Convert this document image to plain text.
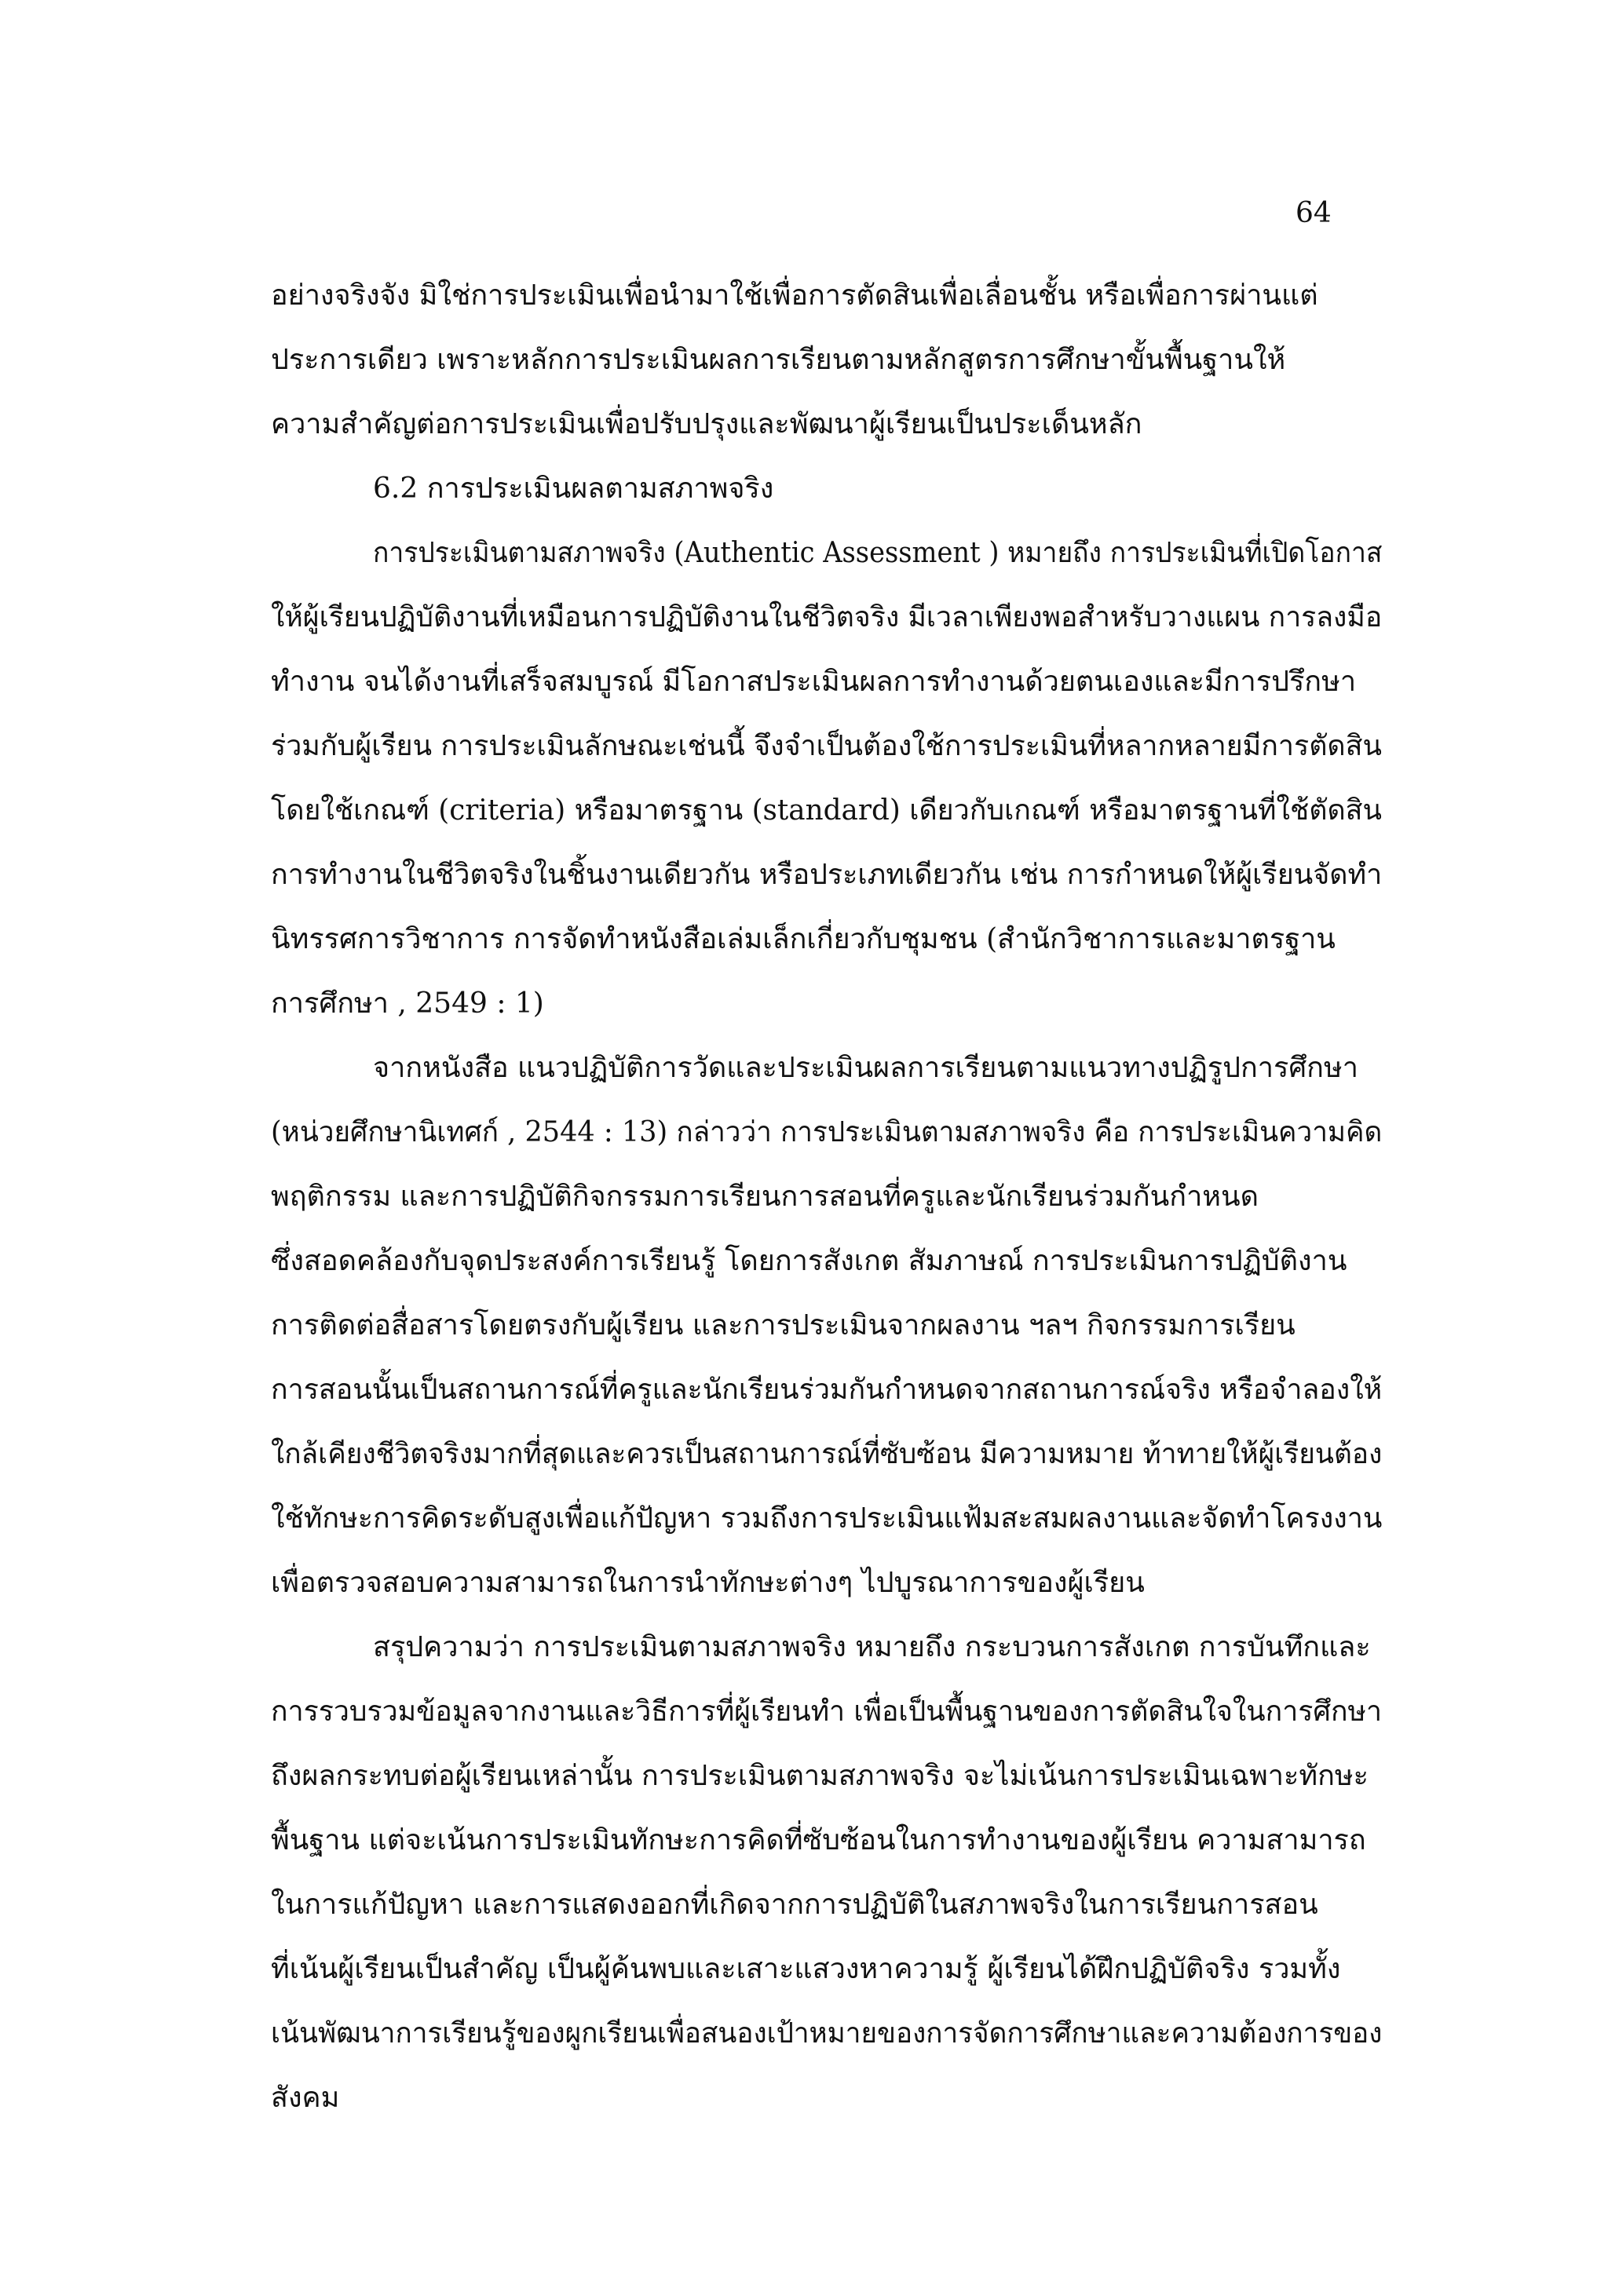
64
อย่างจริงจัง มิใช่การประเมินเพื่อนำมาใช้เพื่อการตัดสินเพื่อเลื่อนชั้น หรือเพื่อการผ่านแต่
ประการเดียว เพราะหลักการประเมินผลการเรียนตามหลักสูตรการศึกษาขั้นพื้นฐานให้
ความสำคัญต่อการประเมินเพื่อปรับปรุงและพัฒนาผู้เรียนเป็นประเด็นหลัก
6.2 การประเมินผลตามสภาพจริง
การประเมินตามสภาพจริง (Authentic Assessment ) หมายถึง การประเมินที่เปิดโอกาส
ให้ผู้เรียนปฏิบัติงานที่เหมือนการปฏิบัติงานในชีวิตจริง มีเวลาเพียงพอสำหรับวางแผน การลงมือ
ทำงาน จนได้งานที่เสร็จสมบูรณ์ มีโอกาสประเมินผลการทำงานด้วยตนเองและมีการปรึกษา
ร่วมกับผู้เรียน การประเมินลักษณะเช่นนี้ จึงจำเป็นต้องใช้การประเมินที่หลากหลายมีการตัดสิน
โดยใช้เกณฑ์ (criteria) หรือมาตรฐาน (standard) เดียวกับเกณฑ์ หรือมาตรฐานที่ใช้ตัดสิน
การทำงานในชีวิตจริงในชิ้นงานเดียวกัน หรือประเภทเดียวกัน เช่น การกำหนดให้ผู้เรียนจัดทำ
นิทรรศการวิชาการ การจัดทำหนังสือเล่มเล็กเกี่ยวกับชุมชน (สำนักวิชาการและมาตรฐาน
การศึกษา , 2549 : 1)
จากหนังสือ แนวปฏิบัติการวัดและประเมินผลการเรียนตามแนวทางปฏิรูปการศึกษา
(หน่วยศึกษานิเทศก์ , 2544 : 13) กล่าวว่า การประเมินตามสภาพจริง คือ การประเมินความคิด
พฤติกรรม และการปฏิบัติกิจกรรมการเรียนการสอนที่ครูและนักเรียนร่วมกันกำหนด
ซึ่งสอดคล้องกับจุดประสงค์การเรียนรู้ โดยการสังเกต สัมภาษณ์ การประเมินการปฏิบัติงาน
การติดต่อสื่อสารโดยตรงกับผู้เรียน และการประเมินจากผลงาน ฯลฯ กิจกรรมการเรียน
การสอนนั้นเป็นสถานการณ์ที่ครูและนักเรียนร่วมกันกำหนดจากสถานการณ์จริง หรือจำลองให้
ใกล้เคียงชีวิตจริงมากที่สุดและควรเป็นสถานการณ์ที่ซับซ้อน มีความหมาย ท้าทายให้ผู้เรียนต้อง
ใช้ทักษะการคิดระดับสูงเพื่อแก้ปัญหา รวมถึงการประเมินแฟ้มสะสมผลงานและจัดทำโครงงาน
เพื่อตรวจสอบความสามารถในการนำทักษะต่างๆ ไปบูรณาการของผู้เรียน
สรุปความว่า การประเมินตามสภาพจริง หมายถึง กระบวนการสังเกต การบันทึกและ
การรวบรวมข้อมูลจากงานและวิธีการที่ผู้เรียนทำ เพื่อเป็นพื้นฐานของการตัดสินใจในการศึกษา
ถึงผลกระทบต่อผู้เรียนเหล่านั้น การประเมินตามสภาพจริง จะไม่เน้นการประเมินเฉพาะทักษะ
พื้นฐาน แต่จะเน้นการประเมินทักษะการคิดที่ซับซ้อนในการทำงานของผู้เรียน ความสามารถ
ในการแก้ปัญหา และการแสดงออกที่เกิดจากการปฏิบัติในสภาพจริงในการเรียนการสอน
ที่เน้นผู้เรียนเป็นสำคัญ เป็นผู้ค้นพบและเสาะแสวงหาความรู้ ผู้เรียนได้ฝึกปฏิบัติจริง รวมทั้ง
เน้นพัฒนาการเรียนรู้ของผูกเรียนเพื่อสนองเป้าหมายของการจัดการศึกษาและความต้องการของ
สังคม
